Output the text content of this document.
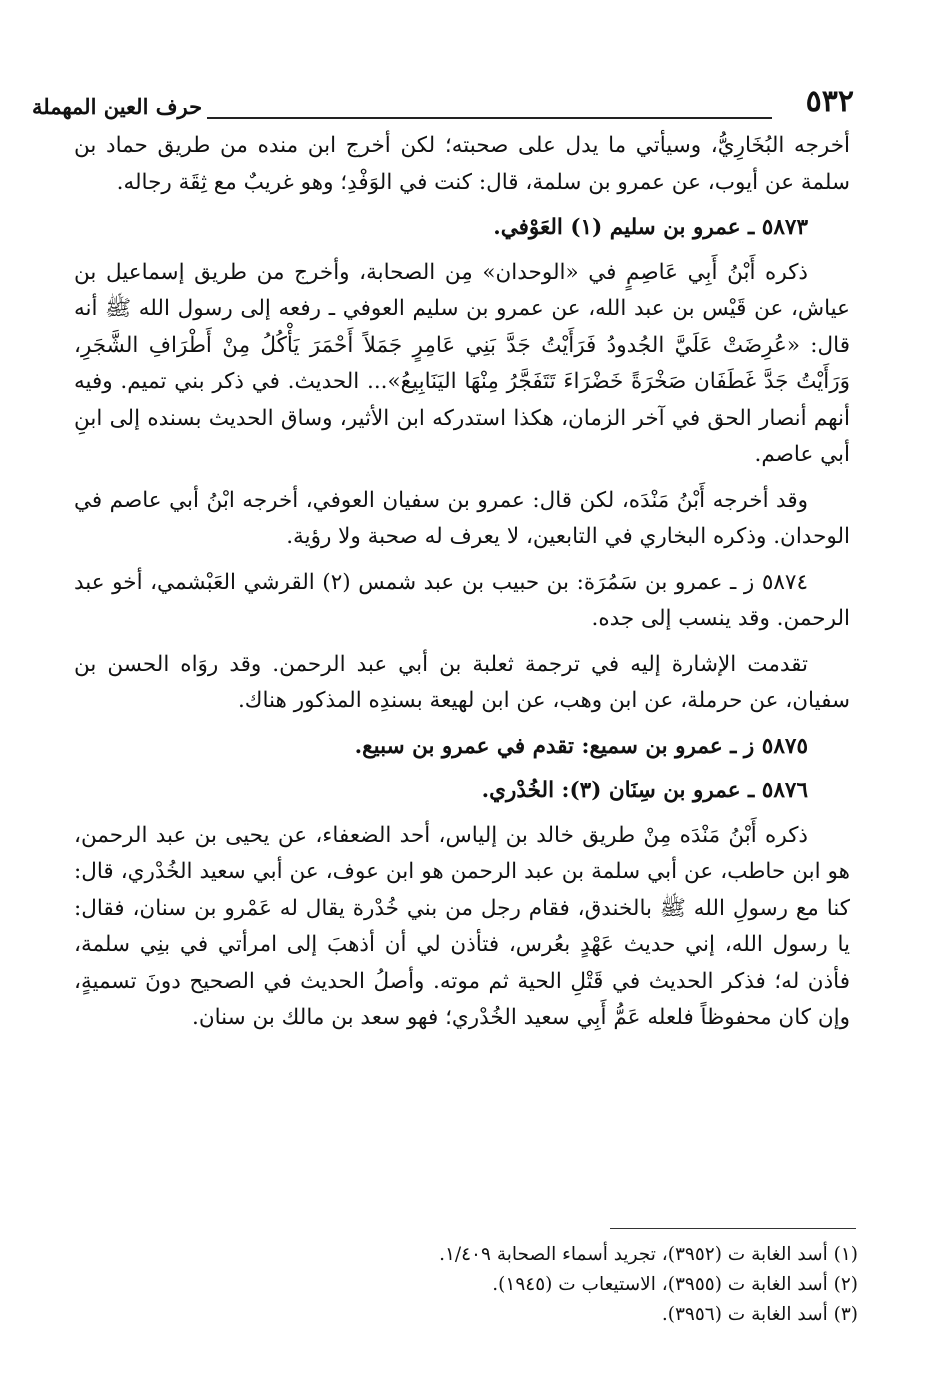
٥٣٢
حرف العين المهملة

أخرجه البُخَارِيُّ، وسيأتي ما يدل على صحبته؛ لكن أخرج ابن منده من طريق حماد بن سلمة عن أيوب، عن عمرو بن سلمة، قال: كنت في الوَفْدِ؛ وهو غريبٌ مع ثِقَة رجاله.

٥٨٧٣ ـ عمرو بن سليم (١) العَوْفي.

ذكره أَبْنُ أَبِي عَاصِمٍ في «الوحدان» مِن الصحابة، وأخرج من طريق إسماعيل بن عياش، عن قَيْس بن عبد الله، عن عمرو بن سليم العوفي ـ رفعه إلى رسول الله ﷺ أنه قال: «عُرِضَتْ عَلَيَّ الجُدودُ فَرَأَيْتُ جَدَّ بَنِي عَامِرٍ جَمَلاً أَحْمَرَ يَأْكُلُ مِنْ أَطْرَافِ الشَّجَرِ، وَرَأَيْتُ جَدَّ غَطَفَان صَخْرَةً خَضْرَاءَ تَتَفَجَّرُ مِنْهَا اليَنَابِيعُ»... الحديث. في ذكر بني تميم. وفيه أنهم أنصار الحق في آخر الزمان، هكذا استدركه ابن الأثير، وساق الحديث بسنده إلى ابنِ أبي عاصم.

وقد أخرجه أَبْنُ مَنْدَه، لكن قال: عمرو بن سفيان العوفي، أخرجه ابْنُ أبي عاصم في الوحدان. وذكره البخاري في التابعين، لا يعرف له صحبة ولا رؤية.

٥٨٧٤ ز ـ عمرو بن سَمُرَة: بن حبيب بن عبد شمس (٢) القرشي العَبْشمي، أخو عبد الرحمن. وقد ينسب إلى جده.

تقدمت الإشارة إليه في ترجمة ثعلبة بن أبي عبد الرحمن. وقد روَاه الحسن بن سفيان، عن حرملة، عن ابن وهب، عن ابن لهيعة بسندِه المذكور هناك.

٥٨٧٥ ز ـ عمرو بن سميع: تقدم في عمرو بن سبيع.

٥٨٧٦ ـ عمرو بن سِنَان (٣): الخُدْري.

ذكره أَبْنُ مَنْدَه مِنْ طريق خالد بن إلياس، أحد الضعفاء، عن يحيى بن عبد الرحمن، هو ابن حاطب، عن أبي سلمة بن عبد الرحمن هو ابن عوف، عن أبي سعيد الخُدْري، قال: كنا مع رسولِ الله ﷺ بالخندق، فقام رجل من بني خُدْرة يقال له عَمْرو بن سنان، فقال: يا رسول الله، إني حديث عَهْدٍ بعُرس، فتأذن لي أن أذهبَ إلى امرأتي في بنِي سلمة، فأذن له؛ فذكر الحديث في قَتْلِ الحية ثم موته. وأصلُ الحديث في الصحيح دونَ تسميةٍ، وإن كان محفوظاً فلعله عَمُّ أَبِي سعيد الخُدْري؛ فهو سعد بن مالك بن سنان.

(١) أسد الغابة ت (٣٩٥٢)، تجريد أسماء الصحابة ١/٤٠٩.

(٢) أسد الغابة ت (٣٩٥٥)، الاستيعاب ت (١٩٤٥).

(٣) أسد الغابة ت (٣٩٥٦).
